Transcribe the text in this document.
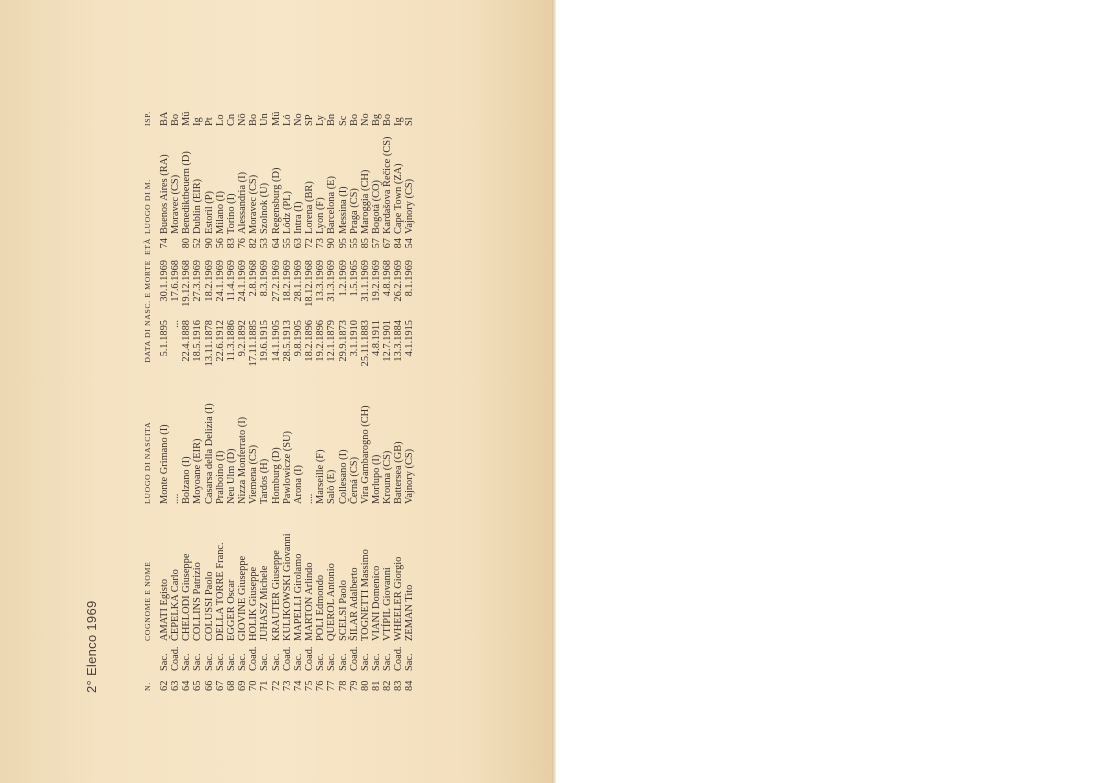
2° Elenco 1969	N.		COGNOME E NOME	LUOGO DI NASCITA	DATA DI NASC. E MORTE		ETÀ	LUOGO DI M.	ISP.
62	Sac.	AMATI Egisto	Monte Grimano (I)	5.1.1895	30.1.1969	74	Buenos Aires (RA)	BA
63	Coad.	ČEPELKA Carlo	....	...	17.6.1968		Moravec (CS)	Bo
64	Sac.	CHELODI Giuseppe	Bolzano (I)	22.4.1888	19.12.1968	80	Benediktbeuern (D)	Mü
65	Sac.	COLLINS Patrizio	Moyoane (EIR)	18.5.1916	27.3.1969	52	Dublin (EIR)	Ig
66	Sac.	COLUSSI Paolo	Casarsa della Delizia (I)	13.11.1878	18.2.1969	90	Estoril (P)	Pt
67	Sac.	DELLA TORRE Franc.	Pralboino (I)	22.6.1912	24.1.1969	56	Milano (I)	Lo
68	Sac.	EGGER Oscar	Neu Ulm (D)	11.3.1886	11.4.1969	83	Torino (I)	Cn
69	Sac.	GIOVINE Giuseppe	Nizza Monferrato (I)	9.2.1892	24.1.1969	76	Alessandria (I)	Nō
70	Coad.	HOLIK Giuseppe	Viemena (CS)	17.11.1885	2.8.1968	82	Moravec (CS)	Bo
71	Sac.	JUHASZ Michele	Tardos (H)	19.6.1915	8.3.1969	53	Szolnok (U)	Un
72	Sac.	KRAUTER Giuseppe	Homburg (D)	14.1.1905	27.2.1969	64	Regensburg (D)	Mü
73	Coad.	KULIKOWSKI Giovanni	Pawlowicze (SU)	28.5.1913	18.2.1969	55	Lódz (PL)	Ló
74	Sac.	MAPELLI Girolamo	Arona (I)	9.8.1905	28.1.1969	63	Intra (I)	No
75	Coad.	MARTON Arlindo	....	18.2.1896	18.12.1968	72	Lorena (BR)	SP
76	Sac.	POLI Edmondo	Marseille (F)	19.2.1896	13.3.1969	73	Lyon (F)	Ly
77	Sac.	QUEROL Antonio	Salò (E)	12.1.1879	31.3.1969	90	Barcelona (E)	Bn
78	Sac.	SCELSI Paolo	Collesano (I)	29.9.1873	1.2.1969	95	Messina (I)	Sc
79	Coad.	ŠILAR Adalberto	Černá (CS)	3.1.1910	1.5.1965	55	Praga (CS)	Bo
80	Sac.	TOGNETTI Massimo	Vira Gambarogno (CH)	25.11.1883	31.1.1969	85	Maroggia (CH)	No
81	Sac.	VIANI Domenico	Morlupo (I)	4.8.1911	19.2.1969	57	Bogotá (CO)	Bg
82	Sac.	VTÍPIL Giovanni	Krouna (CS)	12.7.1901	4.8.1968	67	Kardašova Řečice (CS)	Bo
83	Coad.	WHEELER Giorgio	Battersea (GB)	13.3.1884	26.2.1969	84	Cape Town (ZA)	Ig
84	Sac.	ZEMAN Tito	Vajnory (CS)	4.1.1915	8.1.1969	54	Vajnory (CS)	Sl
